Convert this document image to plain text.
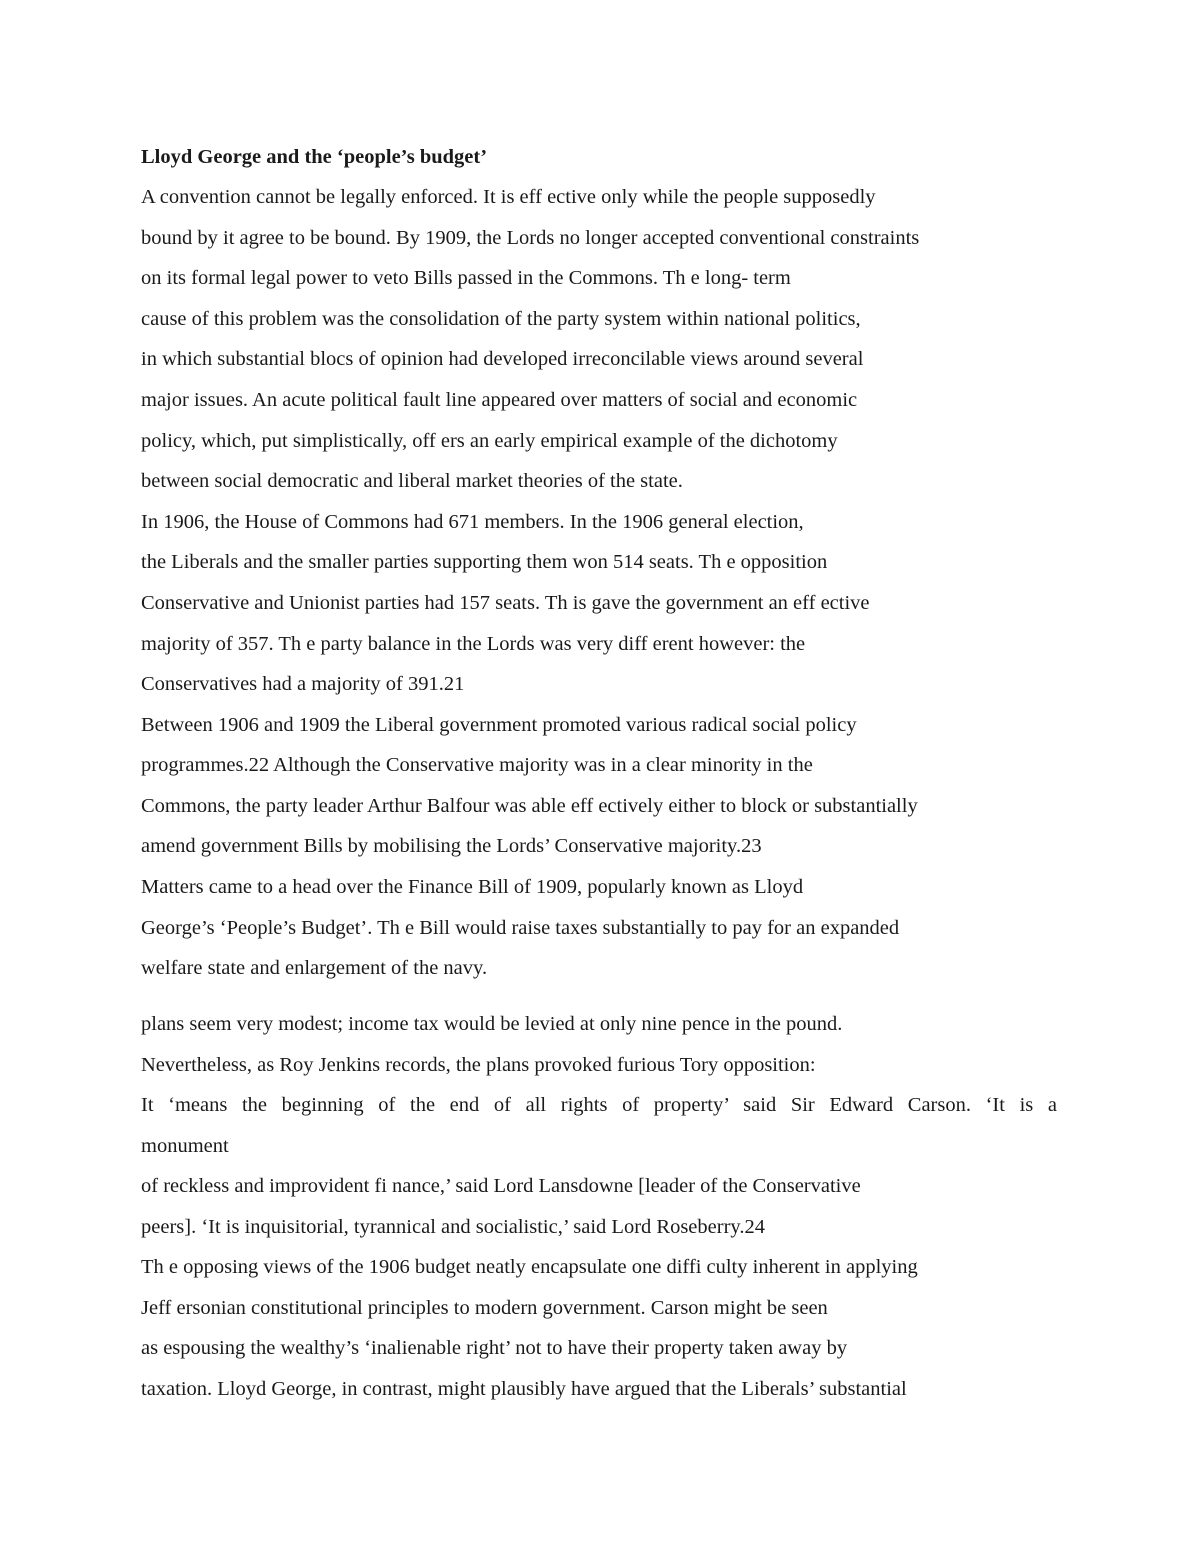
Lloyd George and the ‘people’s budget’

A convention cannot be legally enforced. It is eff ective only while the people supposedly

bound by it agree to be bound. By 1909, the Lords no longer accepted conventional constraints

on its formal legal power to veto Bills passed in the Commons. Th e long- term

cause of this problem was the consolidation of the party system within national politics,

in which substantial blocs of opinion had developed irreconcilable views around several

major issues. An acute political fault line appeared over matters of social and economic

policy, which, put simplistically, off ers an early empirical example of the dichotomy

between social democratic and liberal market theories of the state.

In 1906, the House of Commons had 671 members. In the 1906 general election,

the Liberals and the smaller parties supporting them won 514 seats. Th e opposition

Conservative and Unionist parties had 157 seats. Th is gave the government an eff ective

majority of 357. Th e party balance in the Lords was very diff erent however: the

Conservatives had a majority of 391.21

Between 1906 and 1909 the Liberal government promoted various radical social policy

programmes.22 Although the Conservative majority was in a clear minority in the

Commons, the party leader Arthur Balfour was able eff ectively either to block or substantially

amend government Bills by mobilising the Lords’ Conservative majority.23

Matters came to a head over the Finance Bill of 1909, popularly known as Lloyd

George’s ‘People’s Budget’. Th e Bill would raise taxes substantially to pay for an expanded

welfare state and enlargement of the navy.

plans seem very modest; income tax would be levied at only nine pence in the pound.

Nevertheless, as Roy Jenkins records, the plans provoked furious Tory opposition:

It ‘means the beginning of the end of all rights of property’ said Sir Edward Carson. ‘It is a

monument

of reckless and improvident fi nance,’ said Lord Lansdowne [leader of the Conservative

peers]. ‘It is inquisitorial, tyrannical and socialistic,’ said Lord Roseberry.24

Th e opposing views of the 1906 budget neatly encapsulate one diffi culty inherent in applying

Jeff ersonian constitutional principles to modern government. Carson might be seen

as espousing the wealthy’s ‘inalienable right’ not to have their property taken away by

taxation. Lloyd George, in contrast, might plausibly have argued that the Liberals’ substantial
